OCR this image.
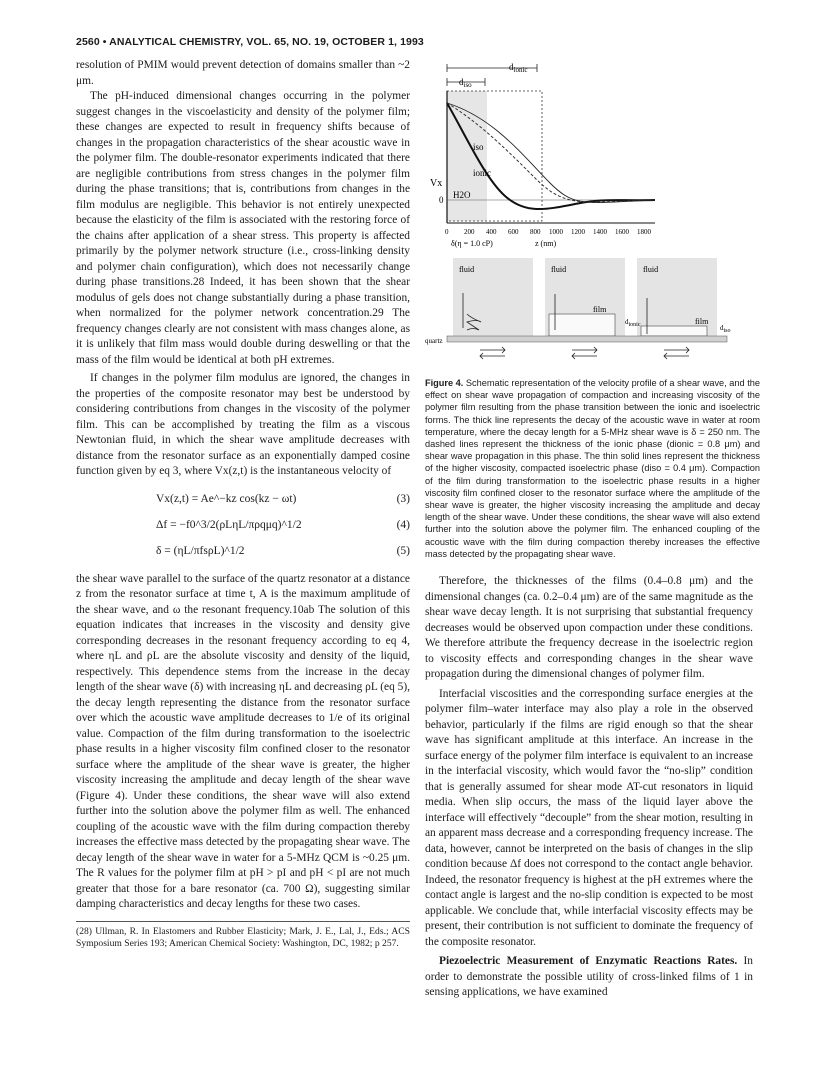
2560 • ANALYTICAL CHEMISTRY, VOL. 65, NO. 19, OCTOBER 1, 1993

resolution of PMIM would prevent detection of domains smaller than ~2 μm.

The pH-induced dimensional changes occurring in the polymer suggest changes in the viscoelasticity and density of the polymer film; these changes are expected to result in frequency shifts because of changes in the propagation characteristics of the shear acoustic wave in the polymer film. The double-resonator experiments indicated that there are negligible contributions from stress changes in the polymer film during the phase transitions; that is, contributions from changes in the film modulus are negligible. This behavior is not entirely unexpected because the elasticity of the film is associated with the restoring force of the chains after application of a shear stress. This property is affected primarily by the polymer network structure (i.e., cross-linking density and polymer chain configuration), which does not necessarily change during phase transitions.28 Indeed, it has been shown that the shear modulus of gels does not change substantially during a phase transition, when normalized for the polymer network concentration.29 The frequency changes clearly are not consistent with mass changes alone, as it is unlikely that film mass would double during deswelling or that the mass of the film would be identical at both pH extremes.

If changes in the polymer film modulus are ignored, the changes in the properties of the composite resonator may best be understood by considering contributions from changes in the viscosity of the polymer film. This can be accomplished by treating the film as a viscous Newtonian fluid, in which the shear wave amplitude decreases with distance from the resonator surface as an exponentially damped cosine function given by eq 3, where Vx(z,t) is the instantaneous velocity of

Vx(z,t) = Ae^−kz cos(kz − ωt)	(3)
Δf = −f0^3/2(ρLηL/πρqμq)^1/2	(4)
δ = (ηL/πfsρL)^1/2	(5)

the shear wave parallel to the surface of the quartz resonator at a distance z from the resonator surface at time t, A is the maximum amplitude of the shear wave, and ω the resonant frequency.10ab The solution of this equation indicates that increases in the viscosity and density give corresponding decreases in the resonant frequency according to eq 4, where ηL and ρL are the absolute viscosity and density of the liquid, respectively. This dependence stems from the increase in the decay length of the shear wave (δ) with increasing ηL and decreasing ρL (eq 5), the decay length representing the distance from the resonator surface over which the acoustic wave amplitude decreases to 1/e of its original value. Compaction of the film during transformation to the isoelectric phase results in a higher viscosity film confined closer to the resonator surface where the amplitude of the shear wave is greater, the higher viscosity increasing the amplitude and decay length of the shear wave (Figure 4). Under these conditions, the shear wave will also extend further into the solution above the polymer film as well. The enhanced coupling of the acoustic wave with the film during compaction thereby increases the effective mass detected by the propagating shear wave. The decay length of the shear wave in water for a 5-MHz QCM is ~0.25 μm. The R values for the polymer film at pH > pI and pH < pI are not much greater that those for a bare resonator (ca. 700 Ω), suggesting similar damping characteristics and decay lengths for these two cases.

(28) Ullman, R. In Elastomers and Rubber Elasticity; Mark, J. E., Lal, J., Eds.; ACS Symposium Series 193; American Chemical Society: Washington, DC, 1982; p 257.
$d_{ionic}$
$d_{iso}$
iso
ionic
H2O
Vx
0
0 200 400 600 800 1000 1200 1400 1600 1800
δ(η = 1.0 cP)	z (nm)
fluid	fluid
film
fluid
film
quartz
dionic	diso
Figure 4. Schematic representation of the velocity profile of a shear wave, and the effect on shear wave propagation of compaction and increasing viscosity of the polymer film resulting from the phase transition between the ionic and isoelectric forms. The thick line represents the decay of the acoustic wave in water at room temperature, where the decay length for a 5-MHz shear wave is δ = 250 nm. The dashed lines represent the thickness of the ionic phase (dionic = 0.8 μm) and shear wave propagation in this phase. The thin solid lines represent the thickness of the higher viscosity, compacted isoelectric phase (diso = 0.4 μm). Compaction of the film during transformation to the isoelectric phase results in a higher viscosity film confined closer to the resonator surface where the amplitude of the shear wave is greater, the higher viscosity increasing the amplitude and decay length of the shear wave. Under these conditions, the shear wave will also extend further into the solution above the polymer film. The enhanced coupling of the acoustic wave with the film during compaction thereby increases the effective mass detected by the propagating shear wave.

Therefore, the thicknesses of the films (0.4–0.8 μm) and the dimensional changes (ca. 0.2–0.4 μm) are of the same magnitude as the shear wave decay length. It is not surprising that substantial frequency decreases would be observed upon compaction under these conditions. We therefore attribute the frequency decrease in the isoelectric region to viscosity effects and corresponding changes in the shear wave propagation during the dimensional changes of polymer film.

Interfacial viscosities and the corresponding surface energies at the polymer film–water interface may also play a role in the observed behavior, particularly if the films are rigid enough so that the shear wave has significant amplitude at this interface. An increase in the surface energy of the polymer film interface is equivalent to an increase in the interfacial viscosity, which would favor the “no-slip” condition that is generally assumed for shear mode AT-cut resonators in liquid media. When slip occurs, the mass of the liquid layer above the interface will effectively “decouple” from the shear motion, resulting in an apparent mass decrease and a corresponding frequency increase. The data, however, cannot be interpreted on the basis of changes in the slip condition because Δf does not correspond to the contact angle behavior. Indeed, the resonator frequency is highest at the pH extremes where the contact angle is largest and the no-slip condition is expected to be most applicable. We conclude that, while interfacial viscosity effects may be present, their contribution is not sufficient to dominate the frequency of the composite resonator.

Piezoelectric Measurement of Enzymatic Reactions Rates. In order to demonstrate the possible utility of cross-linked films of 1 in sensing applications, we have examined
